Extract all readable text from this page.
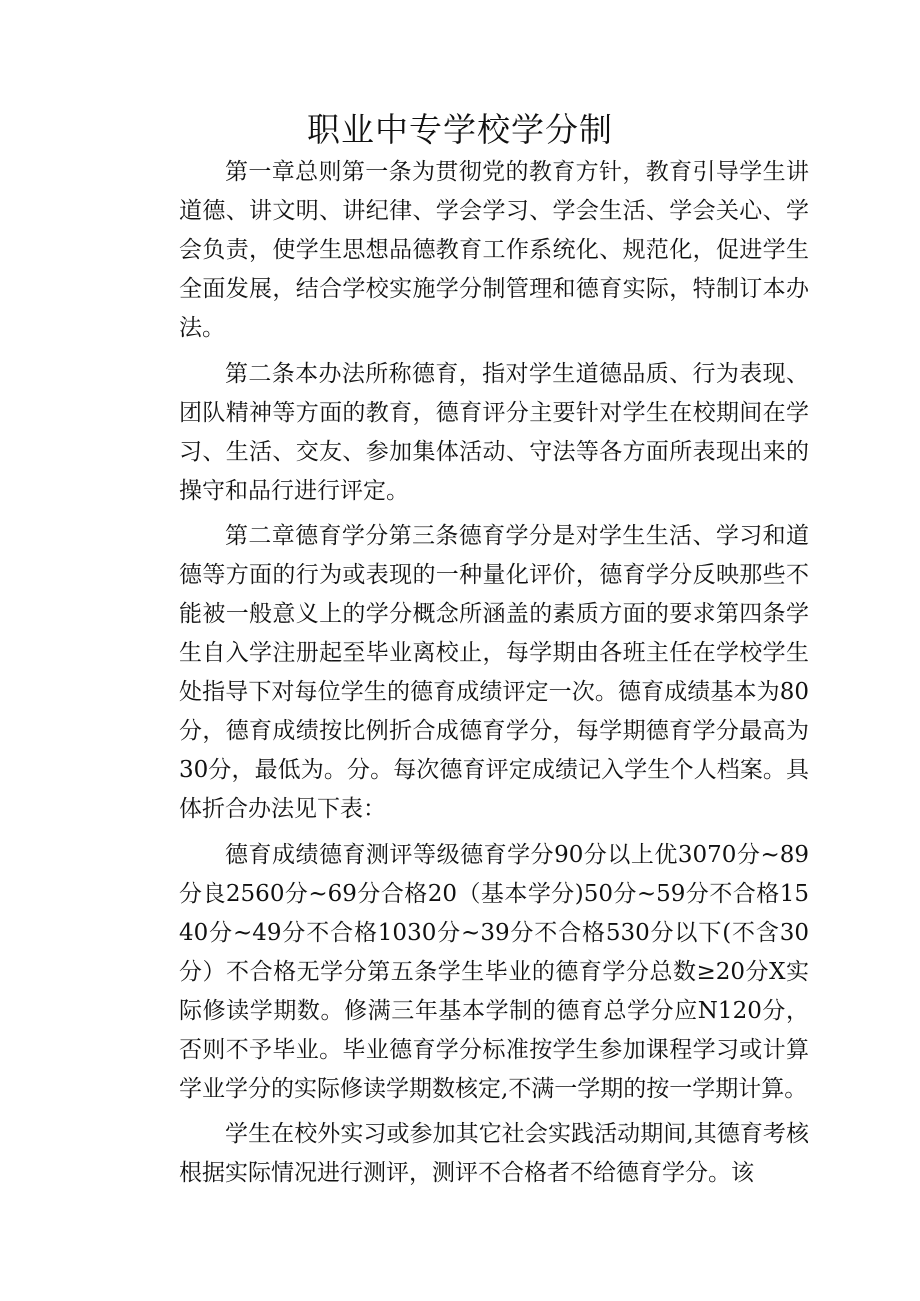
职业中专学校学分制

第一章总则第一条为贯彻党的教育方针，教育引导学生讲道德、讲文明、讲纪律、学会学习、学会生活、学会关心、学会负责，使学生思想品德教育工作系统化、规范化，促进学生全面发展，结合学校实施学分制管理和德育实际，特制订本办法。

第二条本办法所称德育，指对学生道德品质、行为表现、团队精神等方面的教育，德育评分主要针对学生在校期间在学习、生活、交友、参加集体活动、守法等各方面所表现出来的操守和品行进行评定。

第二章德育学分第三条德育学分是对学生生活、学习和道德等方面的行为或表现的一种量化评价，德育学分反映那些不能被一般意义上的学分概念所涵盖的素质方面的要求第四条学生自入学注册起至毕业离校止，每学期由各班主任在学校学生处指导下对每位学生的德育成绩评定一次。德育成绩基本为80分，德育成绩按比例折合成德育学分，每学期德育学分最高为30分，最低为。分。每次德育评定成绩记入学生个人档案。具体折合办法见下表：

德育成绩德育测评等级德育学分90分以上优3070分~89分良2560分~69分合格20（基本学分)50分~59分不合格1540分~49分不合格1030分~39分不合格530分以下(不含30分）不合格无学分第五条学生毕业的德育学分总数≥20分X实际修读学期数。修满三年基本学制的德育总学分应N120分，否则不予毕业。毕业德育学分标准按学生参加课程学习或计算学业学分的实际修读学期数核定,不满一学期的按一学期计算。

学生在校外实习或参加其它社会实践活动期间,其德育考核根据实际情况进行测评，测评不合格者不给德育学分。该
